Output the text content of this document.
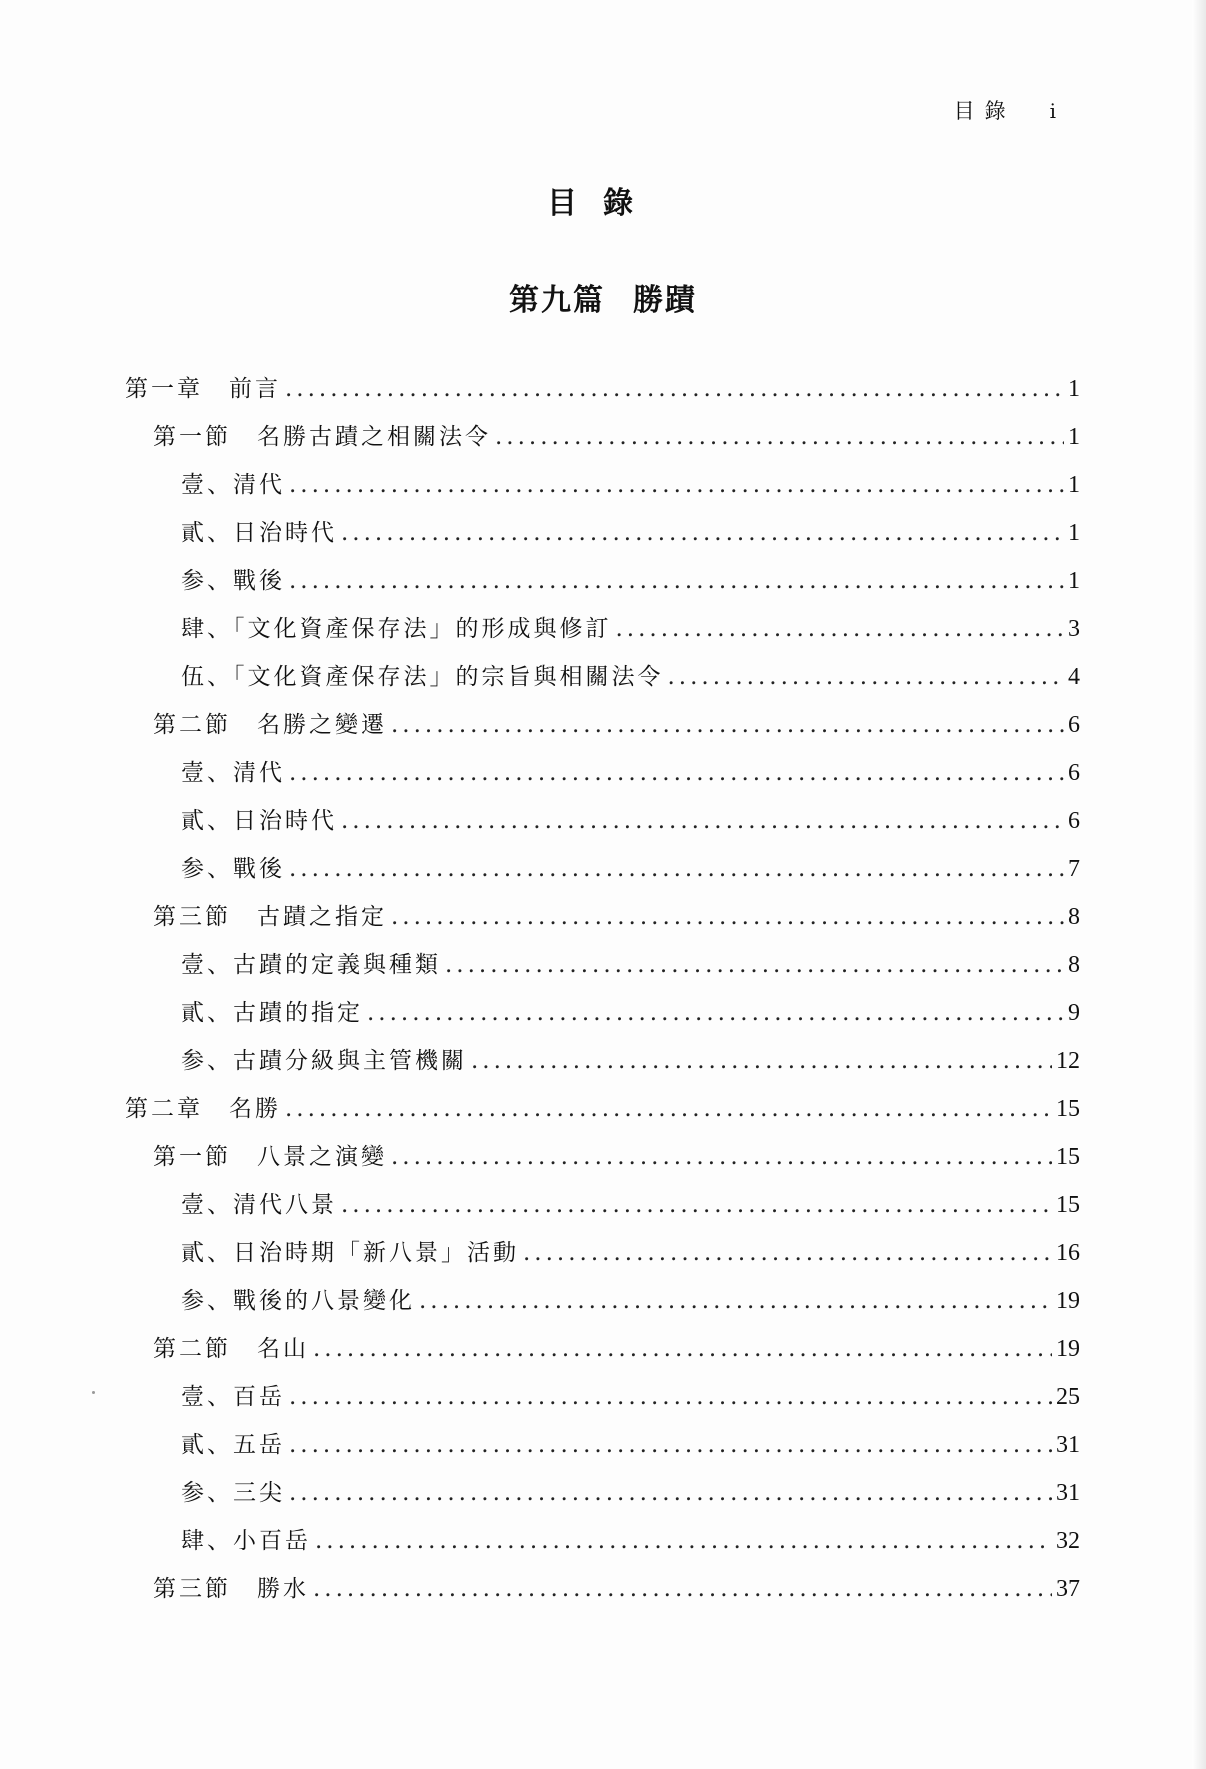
目錄 i
目錄
第九篇 勝蹟
第一章　前言 .....	1
第一節　名勝古蹟之相關法令 .....	1
壹、清代 .....	1
貳、日治時代 .....	1
参、戰後 .....	1
肆、「文化資產保存法」的形成與修訂 .....	3
伍、「文化資產保存法」的宗旨與相關法令 .....	4
第二節　名勝之變遷 .....	6
壹、清代 .....	6
貳、日治時代 .....	6
参、戰後 .....	7
第三節　古蹟之指定 .....	8
壹、古蹟的定義與種類 .....	8
貳、古蹟的指定 .....	9
参、古蹟分級與主管機關 .....	12
第二章　名勝 .....	15
第一節　八景之演變 .....	15
壹、清代八景 .....	15
貳、日治時期「新八景」活動 .....	16
参、戰後的八景變化 .....	19
第二節　名山 .....	19
壹、百岳 .....	25
貳、五岳 .....	31
参、三尖 .....	31
肆、小百岳 .....	32
第三節　勝水 .....	37
